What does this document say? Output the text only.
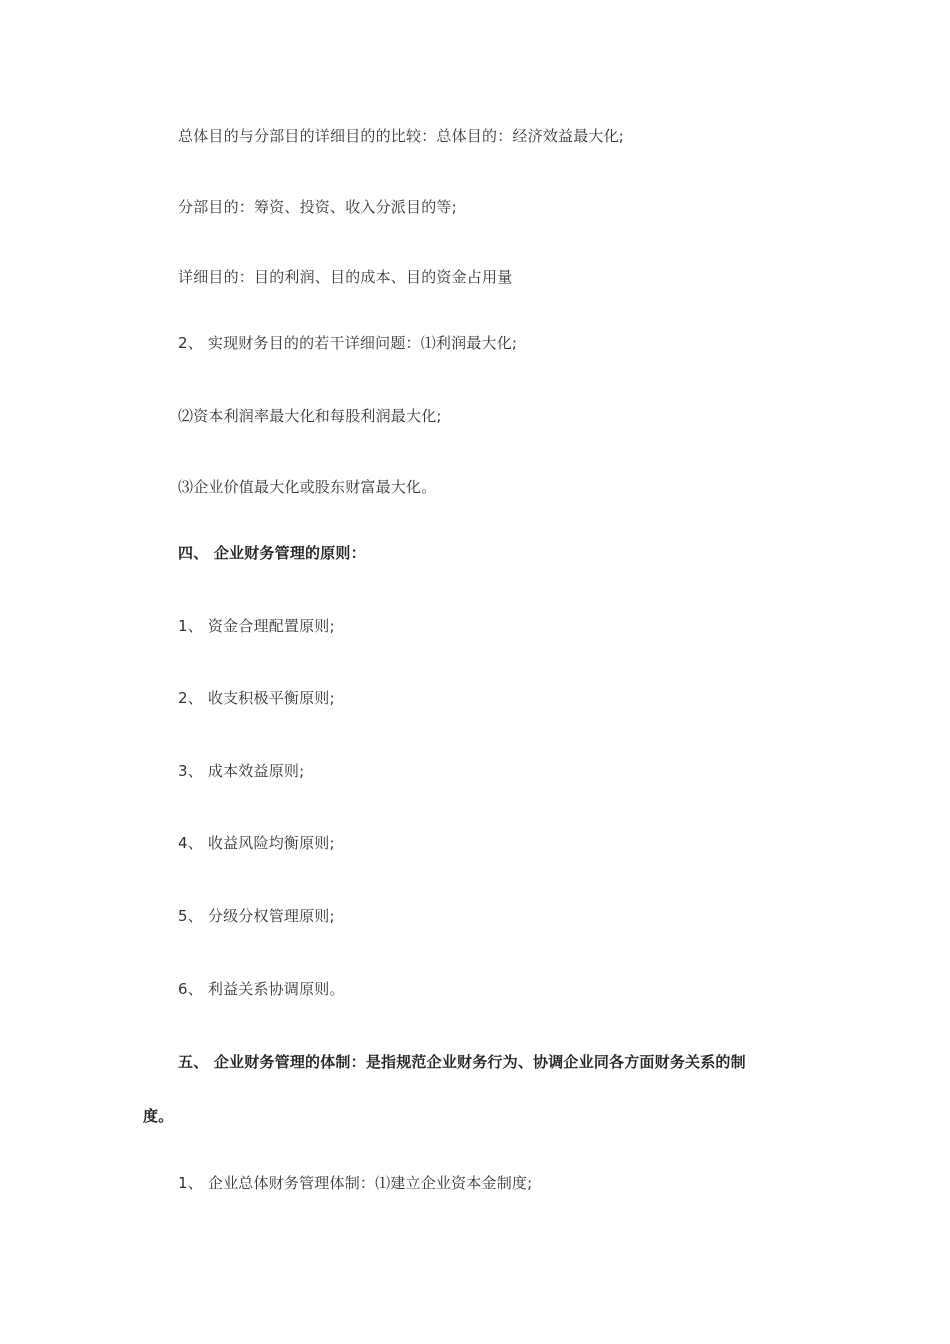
总体目的与分部目的详细目的的比较：总体目的：经济效益最大化;
分部目的：筹资、投资、收入分派目的等;
详细目的：目的利润、目的成本、目的资金占用量
2、 实现财务目的的若干详细问题：⑴利润最大化;
⑵资本利润率最大化和每股利润最大化;
⑶企业价值最大化或股东财富最大化。
四、 企业财务管理的原则：
1、 资金合理配置原则;
2、 收支积极平衡原则;
3、 成本效益原则;
4、 收益风险均衡原则;
5、 分级分权管理原则;
6、 利益关系协调原则。
五、 企业财务管理的体制：是指规范企业财务行为、协调企业同各方面财务关系的制
度。
1、 企业总体财务管理体制：⑴建立企业资本金制度;
